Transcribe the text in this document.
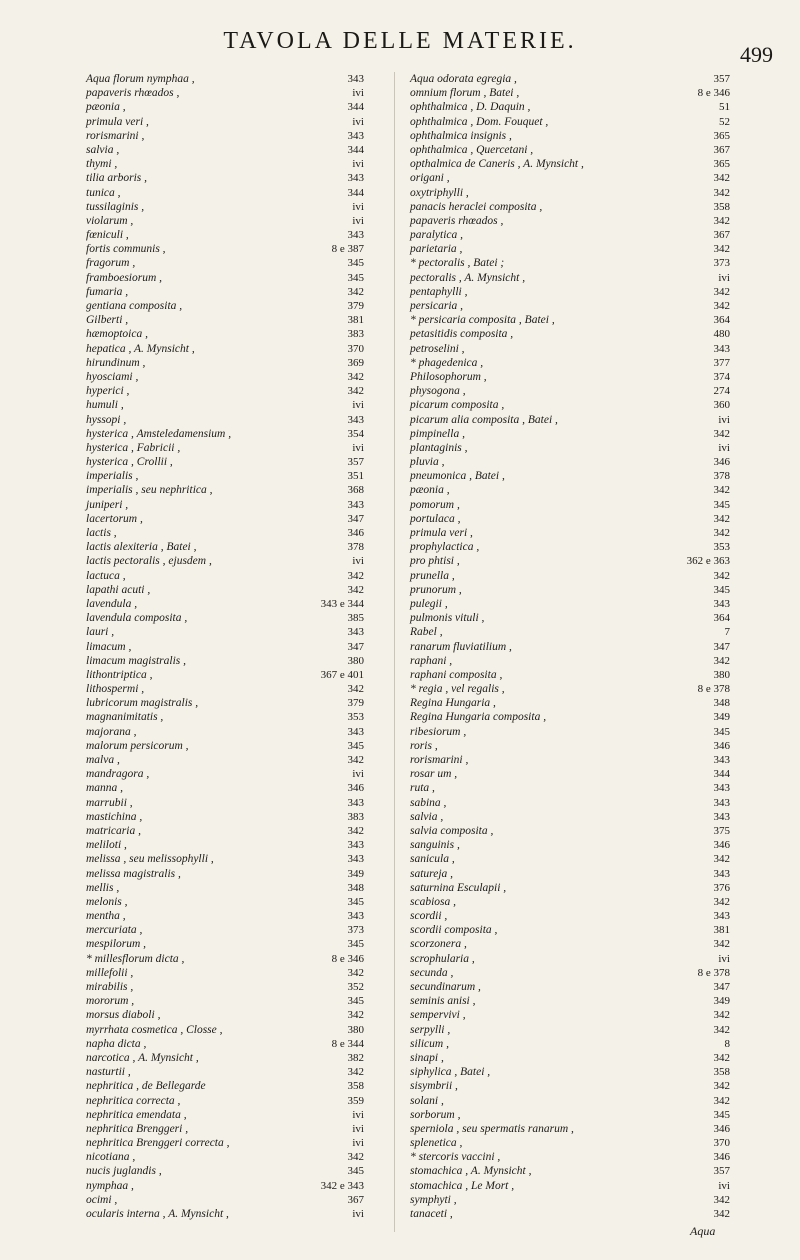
TAVOLA DELLE MATERIE.
499
Aqua florum nymphaa ,	343
papaveris rhœados ,	ivi
pæonia ,	344
primula veri ,	ivi
rorismarini ,	343
salvia ,	344
thymi ,	ivi
tilia arboris ,	343
tunica ,	344
tussilaginis ,	ivi
violarum ,	ivi
fœniculi ,	343
fortis communis ,	8 e 387
fragorum ,	345
framboesiorum ,	345
fumaria ,	342
gentiana composita ,	379
Gilberti ,	381
hæmoptoica ,	383
hepatica , A. Mynsicht ,	370
hirundinum ,	369
hyosciami ,	342
hyperici ,	342
humuli ,	ivi
hyssopi ,	343
hysterica , Amsteledamensium ,	354
hysterica , Fabricii ,	ivi
hysterica , Crollii ,	357
imperialis ,	351
imperialis , seu nephritica ,	368
juniperi ,	343
lacertorum ,	347
lactis ,	346
lactis alexiteria , Batei ,	378
lactis pectoralis , ejusdem ,	ivi
lactuca ,	342
lapathi acuti ,	342
lavendula ,	343 e 344
lavendula composita ,	385
lauri ,	343
limacum ,	347
limacum magistralis ,	380
lithontriptica ,	367 e 401
lithospermi ,	342
lubricorum magistralis ,	379
magnanimitatis ,	353
majorana ,	343
malorum persicorum ,	345
malva ,	342
mandragora ,	ivi
manna ,	346
marrubii ,	343
mastichina ,	383
matricaria ,	342
meliloti ,	343
melissa , seu melissophylli ,	343
melissa magistralis ,	349
mellis ,	348
melonis ,	345
mentha ,	343
mercuriata ,	373
mespilorum ,	345
* millesflorum dicta ,	8 e 346
millefolii ,	342
mirabilis ,	352
mororum ,	345
morsus diaboli ,	342
myrrhata cosmetica , Closse ,	380
napha dicta ,	8 e 344
narcotica , A. Mynsicht ,	382
nasturtii ,	342
nephritica , de Bellegarde	358
nephritica correcta ,	359
nephritica emendata ,	ivi
nephritica Brenggeri ,	ivi
nephritica Brenggeri correcta ,	ivi
nicotiana ,	342
nucis juglandis ,	345
nymphaa ,	342 e 343
ocimi ,	367
ocularis interna , A. Mynsicht ,	ivi
Aqua odorata egregia ,	357
omnium florum , Batei ,	8 e 346
ophthalmica , D. Daquin ,	51
ophthalmica , Dom. Fouquet ,	52
ophthalmica insignis ,	365
ophthalmica , Quercetani ,	367
opthalmica de Caneris , A. Mynsicht ,	365
origani ,	342
oxytriphylli ,	342
panacis heraclei composita ,	358
papaveris rhœados ,	342
paralytica ,	367
parietaria ,	342
* pectoralis , Batei ;	373
pectoralis , A. Mynsicht ,	ivi
pentaphylli ,	342
persicaria ,	342
* persicaria composita , Batei ,	364
petasitidis composita ,	480
petroselini ,	343
* phagedenica ,	377
Philosophorum ,	374
physogona ,	274
picarum composita ,	360
picarum alia composita , Batei ,	ivi
pimpinella ,	342
plantaginis ,	ivi
pluvia ,	346
pneumonica , Batei ,	378
pæonia ,	342
pomorum ,	345
portulaca ,	342
primula veri ,	342
prophylactica ,	353
pro phtisi ,	362 e 363
prunella ,	342
prunorum ,	345
pulegii ,	343
pulmonis vituli ,	364
Rabel ,	7
ranarum fluviatilium ,	347
raphani ,	342
raphani composita ,	380
* regia , vel regalis ,	8 e 378
Regina Hungaria ,	348
Regina Hungaria composita ,	349
ribesiorum ,	345
roris ,	346
rorismarini ,	343
rosar um ,	344
ruta ,	343
sabina ,	343
salvia ,	343
salvia composita ,	375
sanguinis ,	346
sanicula ,	342
satureja ,	343
saturnina Esculapii ,	376
scabiosa ,	342
scordii ,	343
scordii composita ,	381
scorzonera ,	342
scrophularia ,	ivi
secunda ,	8 e 378
secundinarum ,	347
seminis anisi ,	349
sempervivi ,	342
serpylli ,	342
silicum ,	8
sinapi ,	342
siphylica , Batei ,	358
sisymbrii ,	342
solani ,	342
sorborum ,	345
sperniola , seu spermatis ranarum ,	346
splenetica ,	370
* stercoris vaccini ,	346
stomachica , A. Mynsicht ,	357
stomachica , Le Mort ,	ivi
symphyti ,	342
tanaceti ,	342
Aqua
